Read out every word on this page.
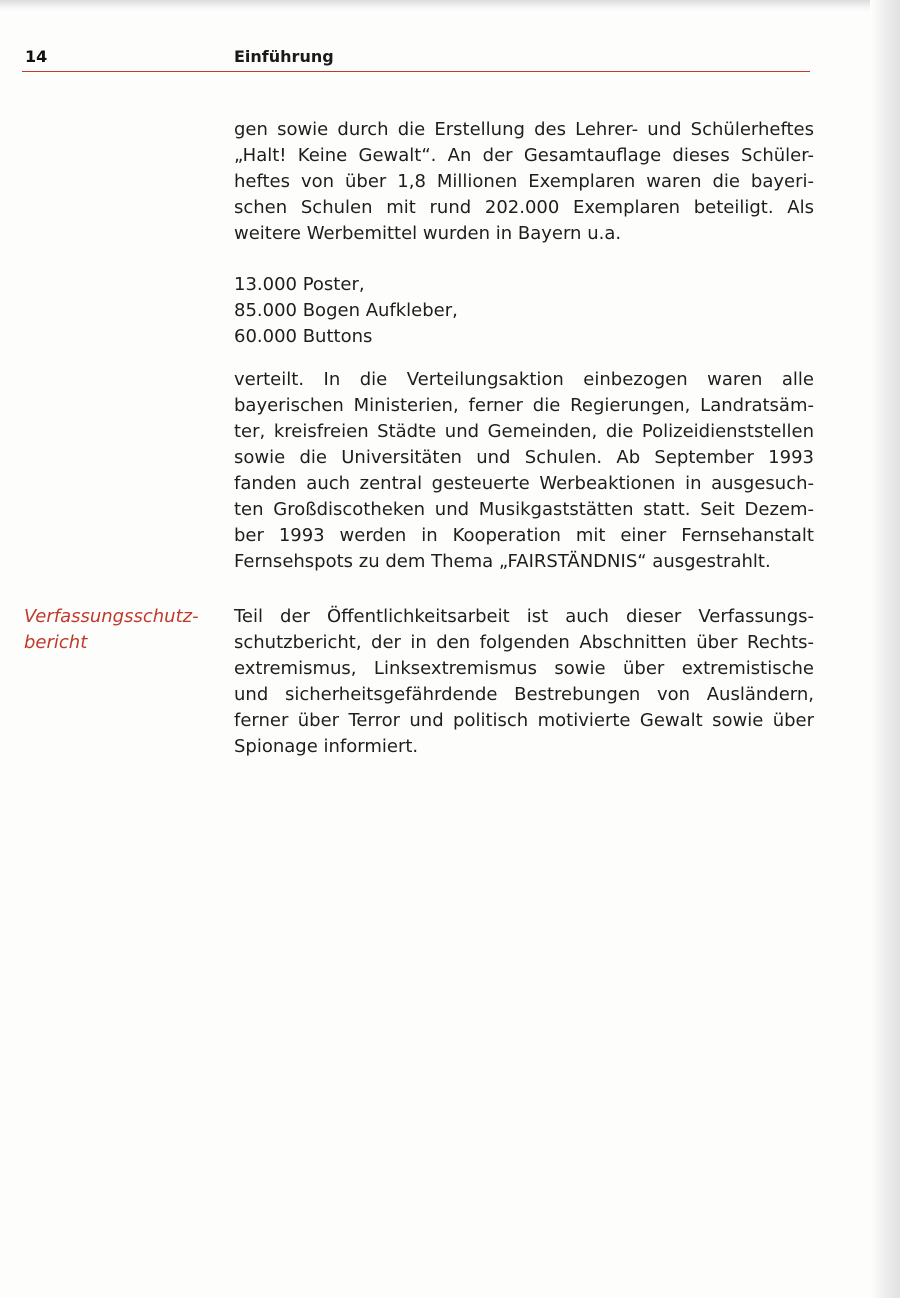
14	Einführung
Verfassungsschutz-
bericht
gen sowie durch die Erstellung des Lehrer- und Schülerheftes
„Halt! Keine Gewalt“. An der Gesamtauflage dieses Schüler-
heftes von über 1,8 Millionen Exemplaren waren die bayeri-
schen Schulen mit rund 202.000 Exemplaren beteiligt. Als
weitere Werbemittel wurden in Bayern u.a.
13.000 Poster,
85.000 Bogen Aufkleber,
60.000 Buttons
verteilt. In die Verteilungsaktion einbezogen waren alle
bayerischen Ministerien, ferner die Regierungen, Landratsäm-
ter, kreisfreien Städte und Gemeinden, die Polizeidienststellen
sowie die Universitäten und Schulen. Ab September 1993
fanden auch zentral gesteuerte Werbeaktionen in ausgesuch-
ten Großdiscotheken und Musikgaststätten statt. Seit Dezem-
ber 1993 werden in Kooperation mit einer Fernsehanstalt
Fernsehspots zu dem Thema „FAIRSTÄNDNIS“ ausgestrahlt.
Teil der Öffentlichkeitsarbeit ist auch dieser Verfassungs-
schutzbericht, der in den folgenden Abschnitten über Rechts-
extremismus, Linksextremismus sowie über extremistische
und sicherheitsgefährdende Bestrebungen von Ausländern,
ferner über Terror und politisch motivierte Gewalt sowie über
Spionage informiert.
